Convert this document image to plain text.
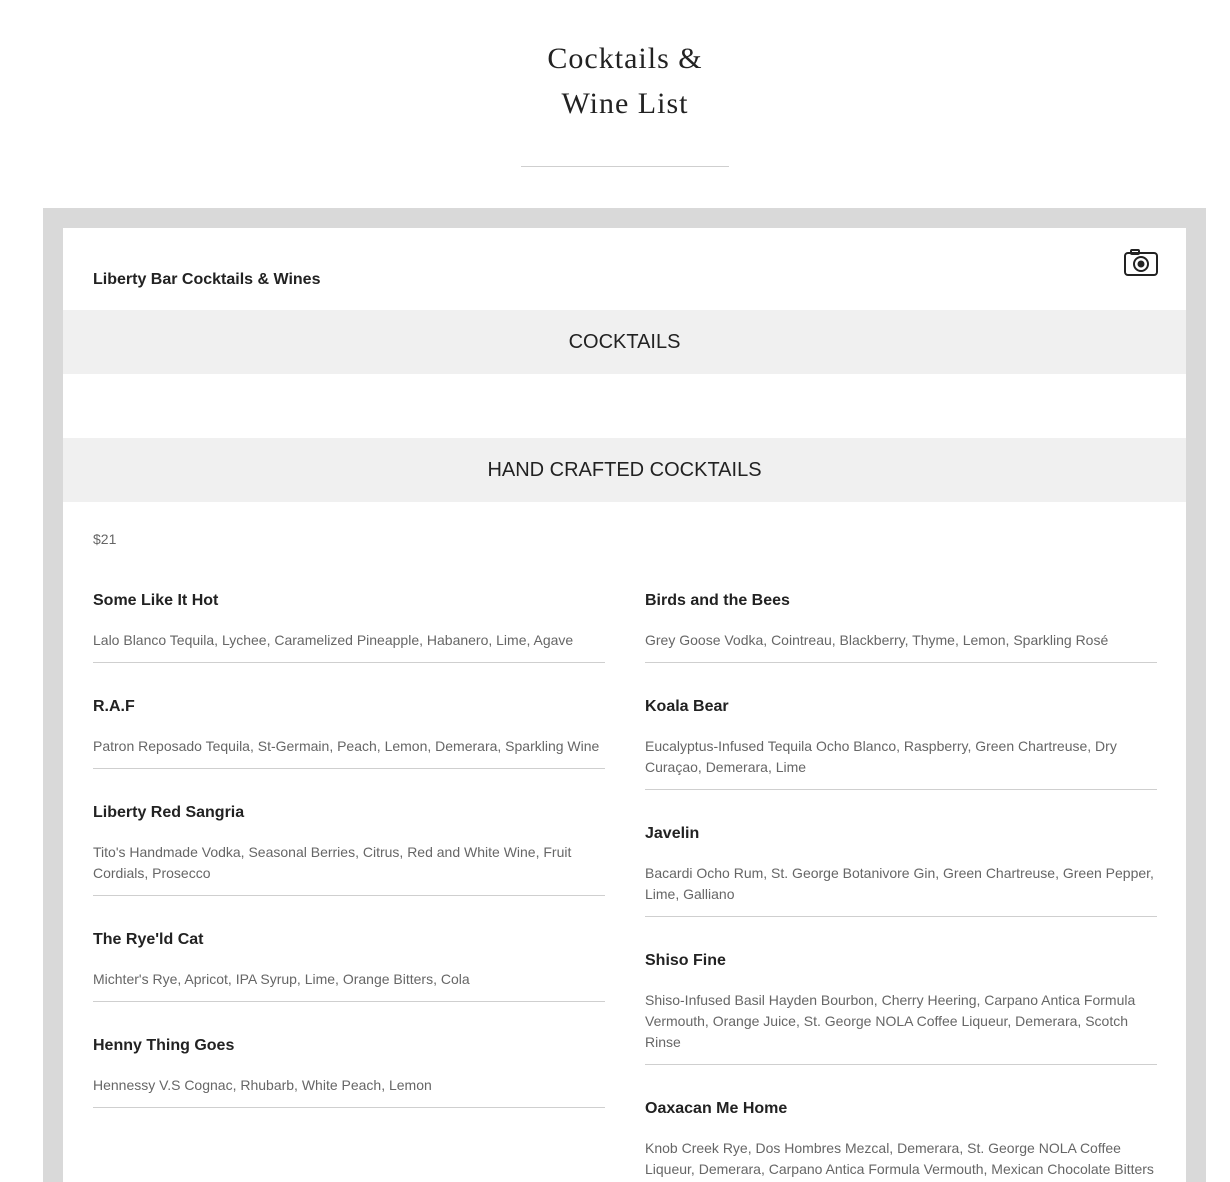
Cocktails &
Wine List
Liberty Bar Cocktails & Wines
COCKTAILS
HAND CRAFTED COCKTAILS
$21
Some Like It Hot

Lalo Blanco Tequila, Lychee, Caramelized Pineapple, Habanero, Lime, Agave

R.A.F

Patron Reposado Tequila, St-Germain, Peach, Lemon, Demerara, Sparkling Wine

Liberty Red Sangria

Tito's Handmade Vodka, Seasonal Berries, Citrus, Red and White Wine, Fruit Cordials, Prosecco

The Rye'ld Cat

Michter's Rye, Apricot, IPA Syrup, Lime, Orange Bitters, Cola

Henny Thing Goes

Hennessy V.S Cognac, Rhubarb, White Peach, Lemon

Birds and the Bees

Grey Goose Vodka, Cointreau, Blackberry, Thyme, Lemon, Sparkling Rosé

Koala Bear

Eucalyptus-Infused Tequila Ocho Blanco, Raspberry, Green Chartreuse, Dry Curaçao, Demerara, Lime

Javelin

Bacardi Ocho Rum, St. George Botanivore Gin, Green Chartreuse, Green Pepper, Lime, Galliano

Shiso Fine

Shiso-Infused Basil Hayden Bourbon, Cherry Heering, Carpano Antica Formula Vermouth, Orange Juice, St. George NOLA Coffee Liqueur, Demerara, Scotch Rinse

Oaxacan Me Home

Knob Creek Rye, Dos Hombres Mezcal, Demerara, St. George NOLA Coffee Liqueur, Demerara, Carpano Antica Formula Vermouth, Mexican Chocolate Bitters
